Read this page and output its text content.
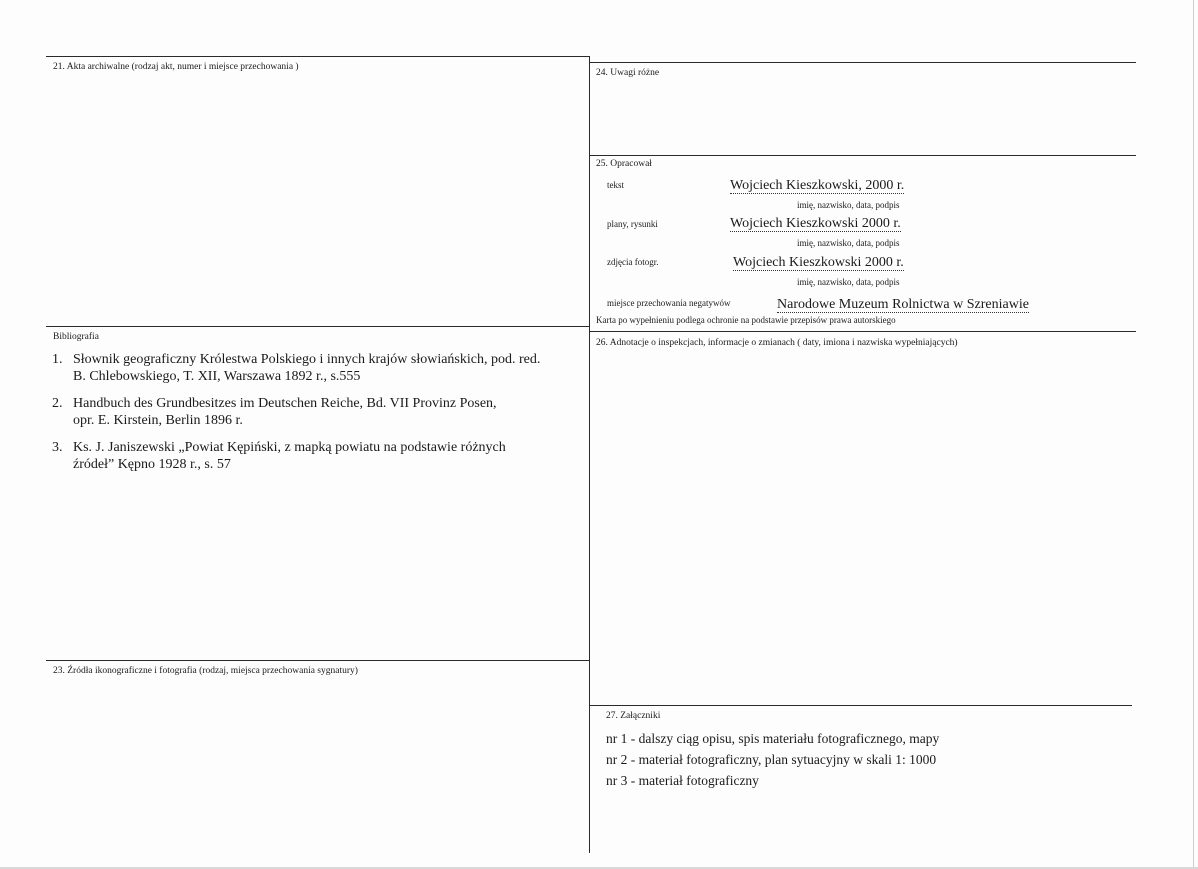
21. Akta archiwalne (rodzaj akt, numer i miejsce przechowania )
24. Uwagi różne
25. Opracował
tekst	Wojciech Kieszkowski, 2000 r.
imię, nazwisko, data, podpis
plany, rysunki	Wojciech Kieszkowski 2000 r.
imię, nazwisko, data, podpis
zdjęcia fotogr.	Wojciech Kieszkowski 2000 r.
imię, nazwisko, data, podpis
miejsce przechowania negatywów	Narodowe Muzeum Rolnictwa w Szreniawie
Karta po wypełnieniu podlega ochronie na podstawie przepisów prawa autorskiego
Bibliografia
1. Słownik geograficzny Królestwa Polskiego i innych krajów słowiańskich, pod. red.
B. Chlebowskiego, T. XII, Warszawa 1892 r., s.555
2. Handbuch des Grundbesitzes im Deutschen Reiche, Bd. VII Provinz Posen,
opr. E. Kirstein, Berlin 1896 r.
3. Ks. J. Janiszewski „Powiat Kępiński, z mapką powiatu na podstawie różnych
źródeł” Kępno 1928 r., s. 57
26. Adnotacje o inspekcjach, informacje o zmianach ( daty, imiona i nazwiska wypełniających)
23. Źródła ikonograficzne i fotografia (rodzaj, miejsca przechowania sygnatury)
27. Załączniki
nr 1 - dalszy ciąg opisu, spis materiału fotograficznego, mapy
nr 2 - materiał fotograficzny, plan sytuacyjny w skali 1: 1000
nr 3 - materiał fotograficzny
